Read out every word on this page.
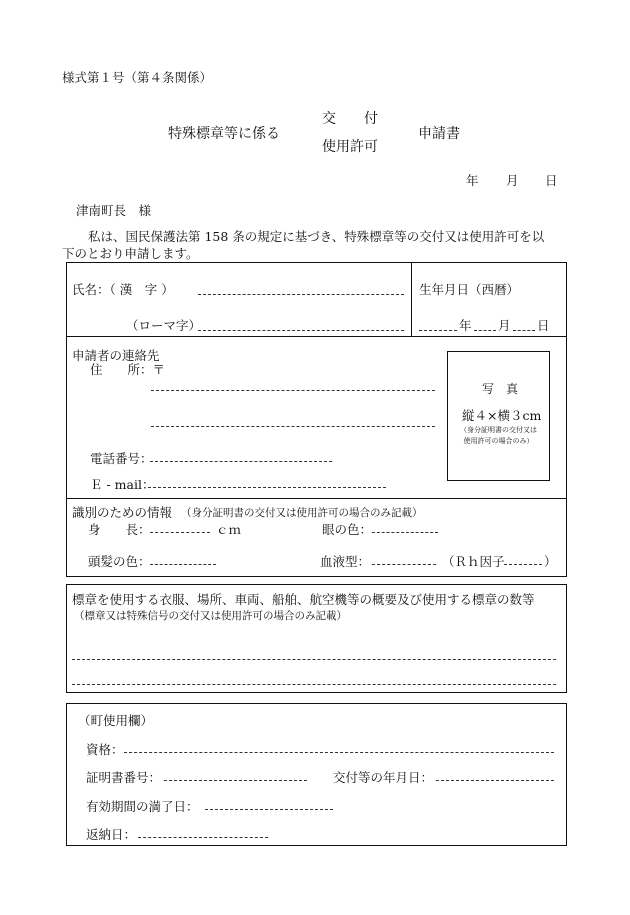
様式第１号（第４条関係）
特殊標章等に係る
交　　付
使用許可
申請書
年 月 日
津南町長　様
私は、国民保護法第 158 条の規定に基づき、特殊標章等の交付又は使用許可を以
下のとおり申請します。
氏名：（ 漢　字 ）
（ローマ字）
生年月日（西暦）
年 月 日
申請者の連絡先
住　　所：〒
電話番号：
Ｅ - mail：
写　真
縦４×横３cm
（身分証明書の交付又は
使用許可の場合のみ）
識別のための情報 （身分証明書の交付又は使用許可の場合のみ記載）
身　　長：	ｃｍ	眼の色：
頭髪の色：	血液型：	（Ｒｈ因子	）
標章を使用する衣服、場所、車両、船舶、航空機等の概要及び使用する標章の数等
（標章又は特殊信号の交付又は使用許可の場合のみ記載）
（町使用欄）
資格：
証明書番号：	交付等の年月日：
有効期間の満了日：
返納日：
